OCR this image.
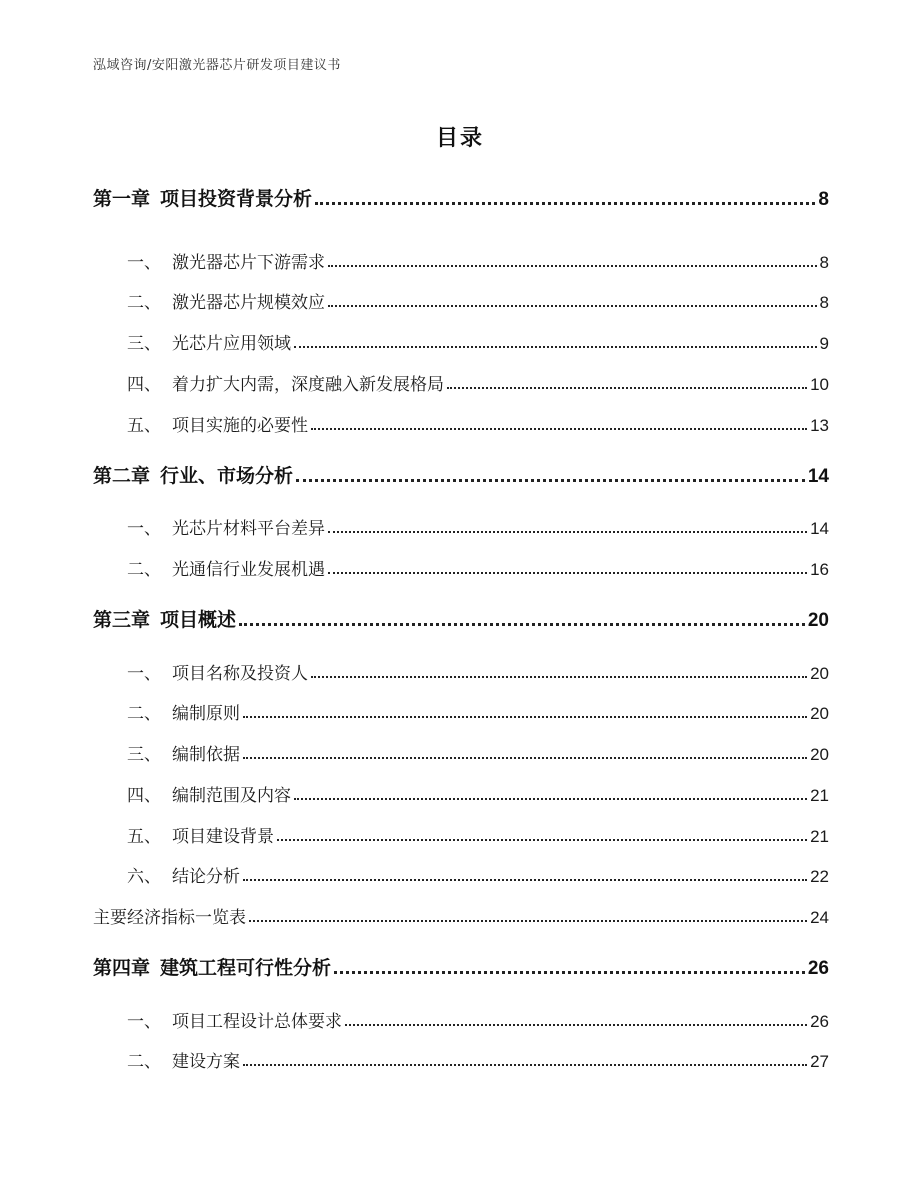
泓域咨询/安阳激光器芯片研发项目建议书
目录
第一章 项目投资背景分析	8
一、 激光器芯片下游需求	8
二、 激光器芯片规模效应	8
三、 光芯片应用领域	9
四、 着力扩大内需，深度融入新发展格局	10
五、 项目实施的必要性	13
第二章 行业、市场分析	14
一、 光芯片材料平台差异	14
二、 光通信行业发展机遇	16
第三章 项目概述	20
一、 项目名称及投资人	20
二、 编制原则	20
三、 编制依据	20
四、 编制范围及内容	21
五、 项目建设背景	21
六、 结论分析	22
主要经济指标一览表	24
第四章 建筑工程可行性分析	26
一、 项目工程设计总体要求	26
二、 建设方案	27
